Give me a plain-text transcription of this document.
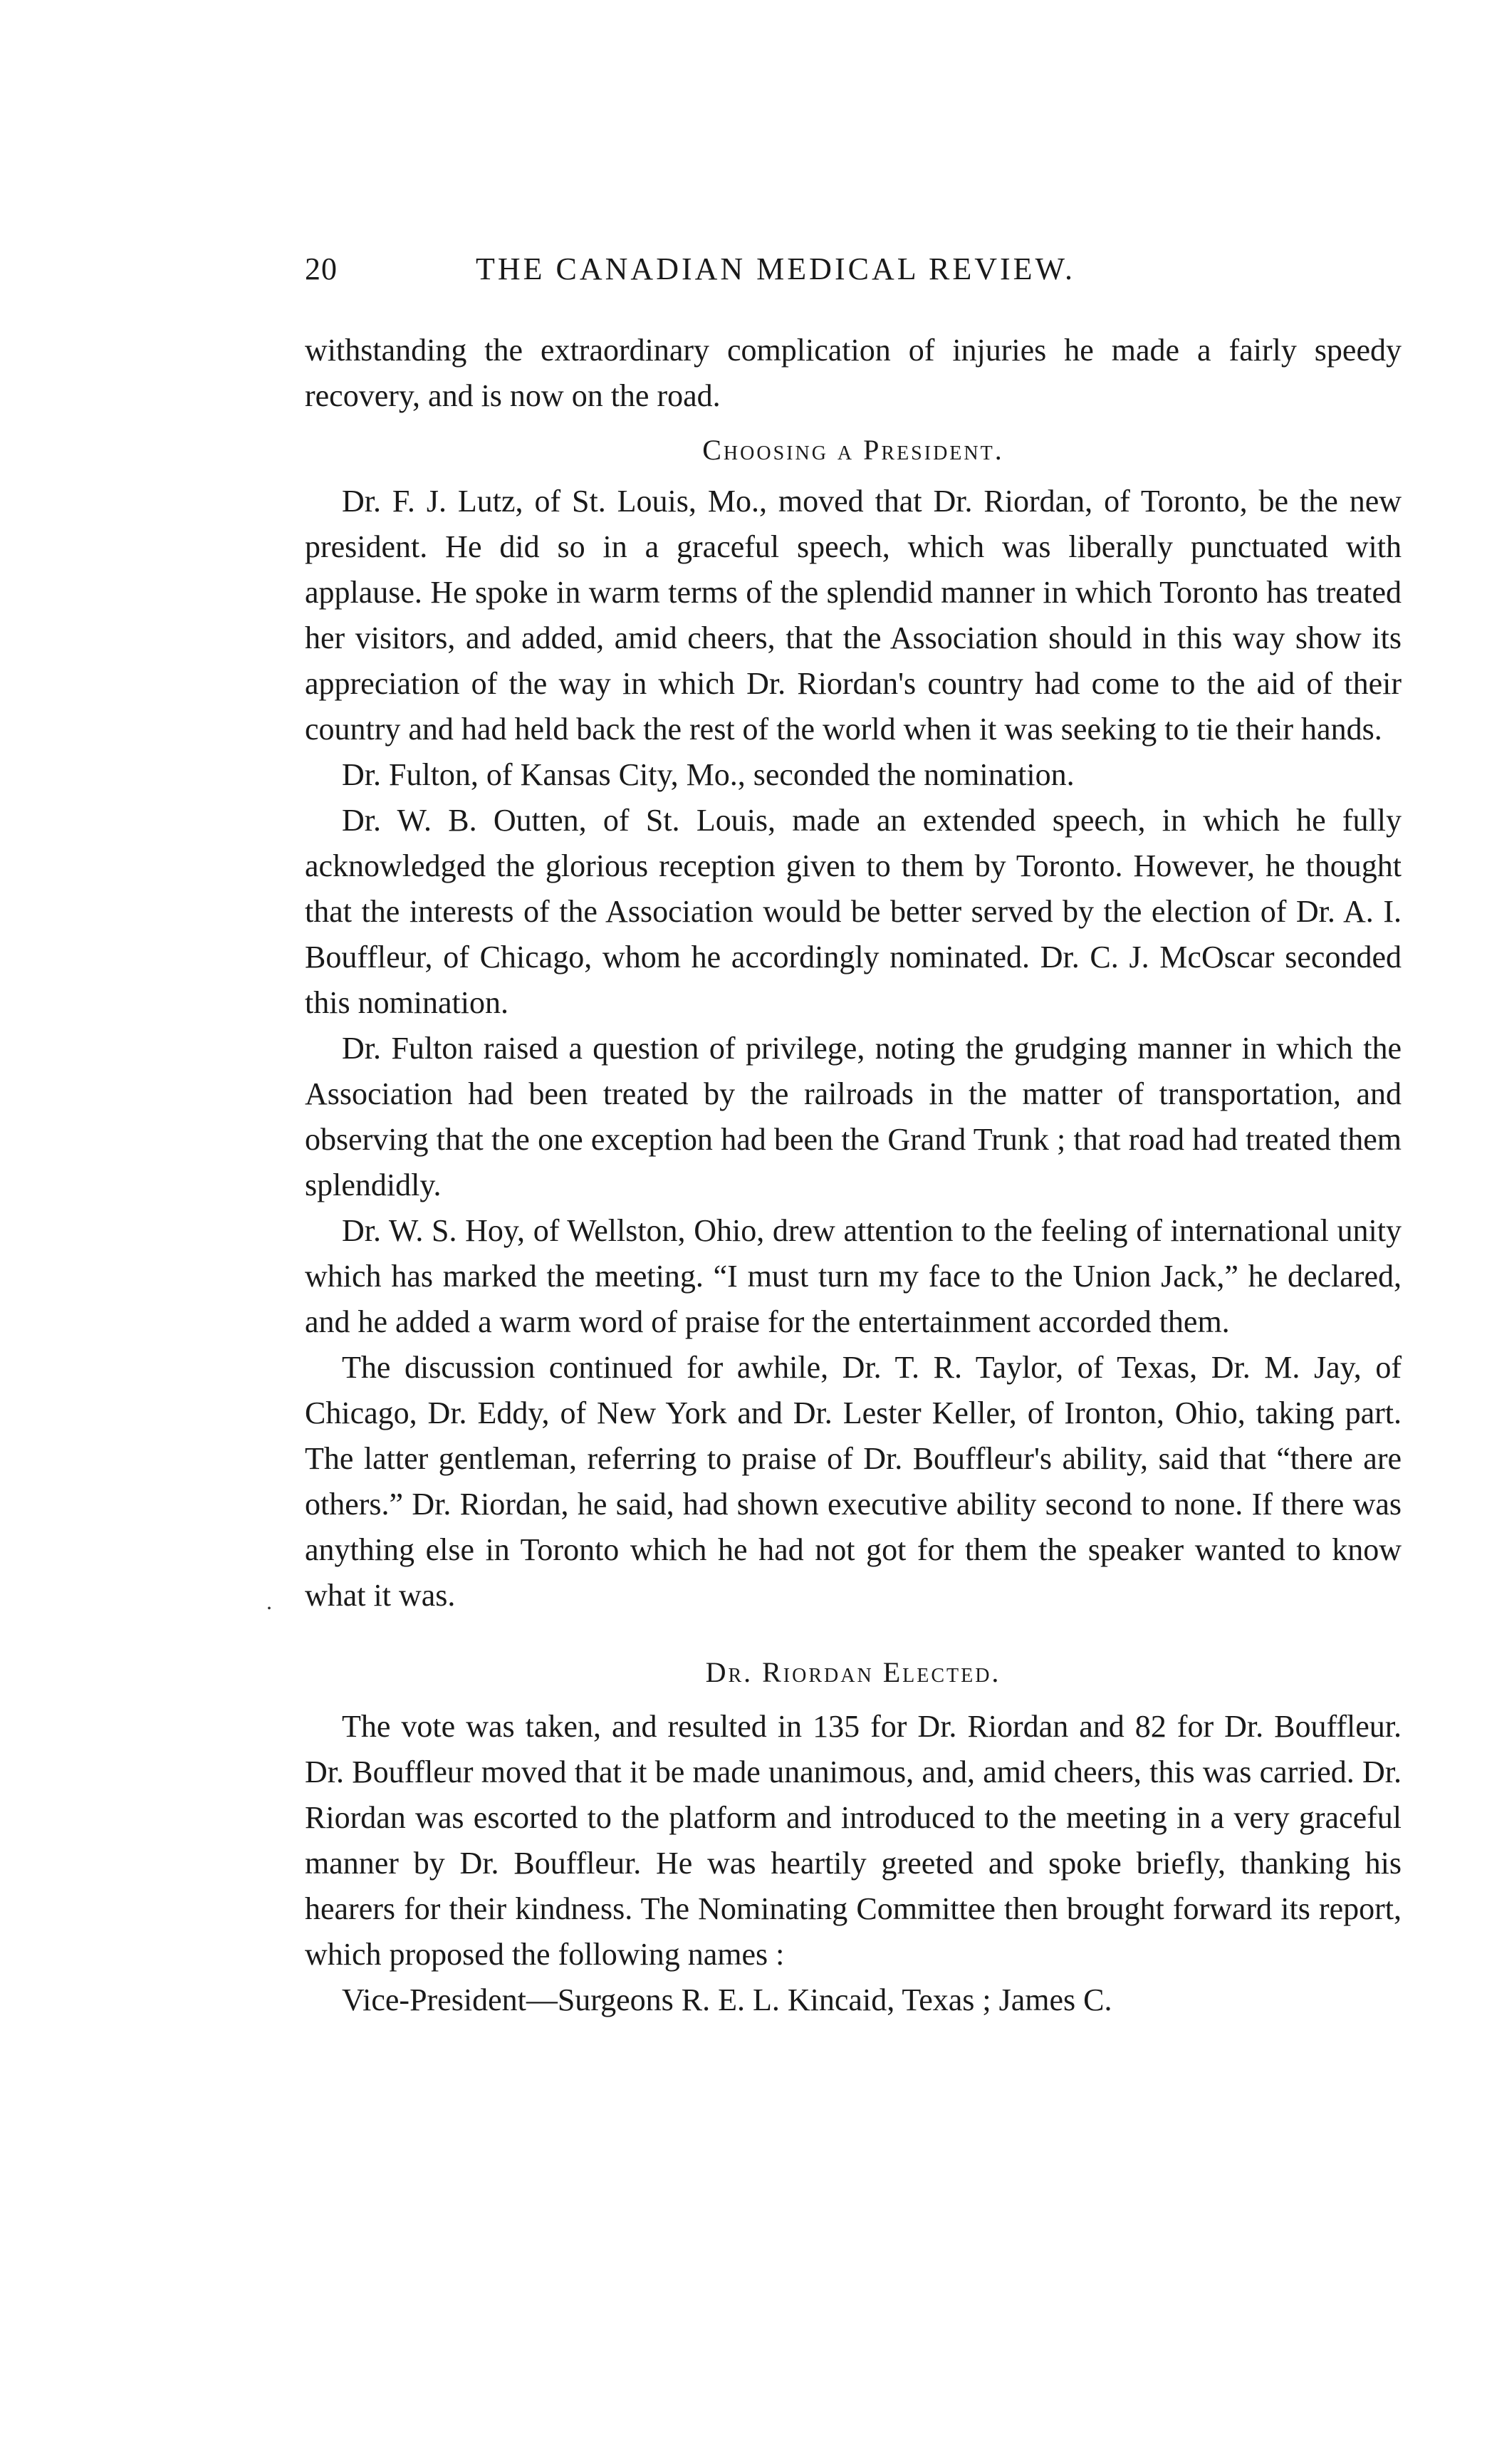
20	THE CANADIAN MEDICAL REVIEW.
.

withstanding the extraordinary complication of injuries he made a fairly speedy recovery, and is now on the road.

Choosing a President.

Dr. F. J. Lutz, of St. Louis, Mo., moved that Dr. Riordan, of Toronto, be the new president. He did so in a graceful speech, which was liberally punctuated with applause. He spoke in warm terms of the splendid manner in which Toronto has treated her visitors, and added, amid cheers, that the Association should in this way show its appreciation of the way in which Dr. Riordan's country had come to the aid of their country and had held back the rest of the world when it was seeking to tie their hands.

Dr. Fulton, of Kansas City, Mo., seconded the nomination.

Dr. W. B. Outten, of St. Louis, made an extended speech, in which he fully acknowledged the glorious reception given to them by Toronto. However, he thought that the interests of the Association would be better served by the election of Dr. A. I. Bouffleur, of Chicago, whom he accordingly nominated. Dr. C. J. McOscar seconded this nomination.

Dr. Fulton raised a question of privilege, noting the grudging manner in which the Association had been treated by the railroads in the matter of transportation, and observing that the one exception had been the Grand Trunk ; that road had treated them splendidly.

Dr. W. S. Hoy, of Wellston, Ohio, drew attention to the feeling of international unity which has marked the meeting. “I must turn my face to the Union Jack,” he declared, and he added a warm word of praise for the entertainment accorded them.

The discussion continued for awhile, Dr. T. R. Taylor, of Texas, Dr. M. Jay, of Chicago, Dr. Eddy, of New York and Dr. Lester Keller, of Ironton, Ohio, taking part. The latter gentleman, referring to praise of Dr. Bouffleur's ability, said that “there are others.” Dr. Riordan, he said, had shown executive ability second to none. If there was anything else in Toronto which he had not got for them the speaker wanted to know what it was.

Dr. Riordan Elected.

The vote was taken, and resulted in 135 for Dr. Riordan and 82 for Dr. Bouffleur. Dr. Bouffleur moved that it be made unanimous, and, amid cheers, this was carried. Dr. Riordan was escorted to the platform and introduced to the meeting in a very graceful manner by Dr. Bouffleur. He was heartily greeted and spoke briefly, thanking his hearers for their kindness. The Nominating Committee then brought forward its report, which proposed the following names :

Vice-President—Surgeons R. E. L. Kincaid, Texas ; James C.
